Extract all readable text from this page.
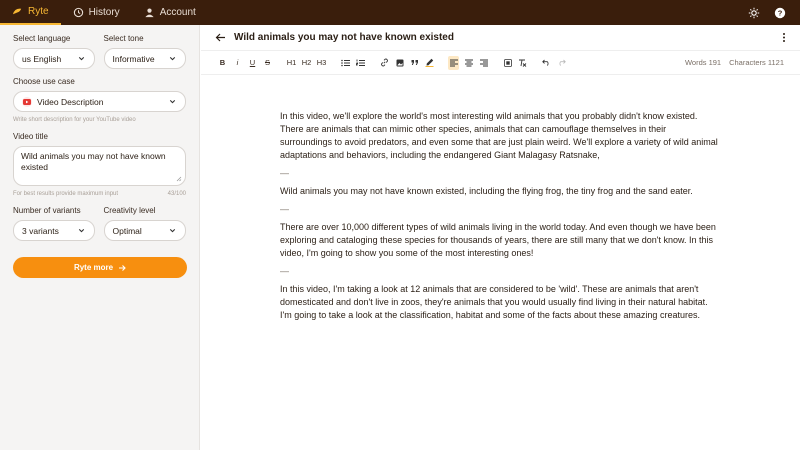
Ryte	History	Account	?
Select language
us English
Select tone
Informative
Choose use case
Video Description
Write short description for your YouTube video
Video title
Wild animals you may not have known existed
For best results provide maximum input	43/100
Number of variants
3 variants
Creativity level
Optimal
Ryte more
Wild animals you may not have known existed
B	i	U	S	H1 H2 H3	Words 191 Characters 1121

In this video, we'll explore the world's most interesting wild animals that you probably didn't know existed. There are animals that can mimic other species, animals that can camouflage themselves in their surroundings to avoid predators, and even some that are just plain weird. We'll explore a variety of wild animal adaptations and behaviors, including the endangered Giant Malagasy Ratsnake,

—

Wild animals you may not have known existed, including the flying frog, the tiny frog and the sand eater.

—

There are over 10,000 different types of wild animals living in the world today. And even though we have been exploring and cataloging these species for thousands of years, there are still many that we don't know. In this video, I'm going to show you some of the most interesting ones!

—

In this video, I'm taking a look at 12 animals that are considered to be 'wild'. These are animals that aren't domesticated and don't live in zoos, they're animals that you would usually find living in their natural habitat. I'm going to take a look at the classification, habitat and some of the facts about these amazing creatures.
